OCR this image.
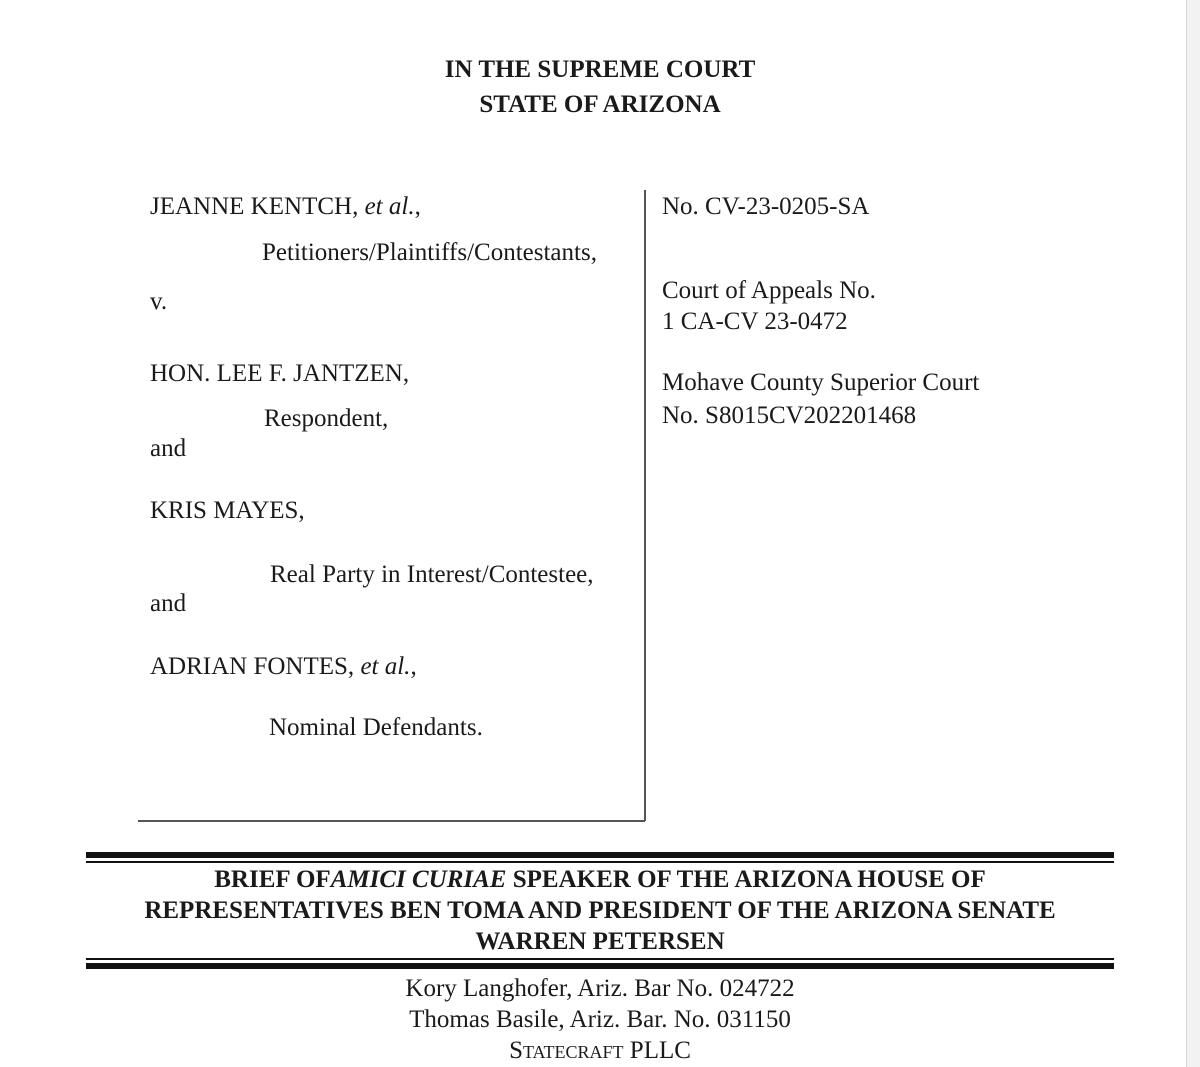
IN THE SUPREME COURT
STATE OF ARIZONA
JEANNE KENTCH, et al.,
Petitioners/Plaintiffs/Contestants,
v.
HON. LEE F. JANTZEN,
Respondent,
and
KRIS MAYES,
Real Party in Interest/Contestee,
and
ADRIAN FONTES, et al.,
Nominal Defendants.
No. CV-23-0205-SA
Court of Appeals No.
1 CA-CV 23-0472
Mohave County Superior Court
No. S8015CV202201468
BRIEF OFAMICI CURIAE SPEAKER OF THE ARIZONA HOUSE OF
REPRESENTATIVES BEN TOMA AND PRESIDENT OF THE ARIZONA SENATE
WARREN PETERSEN
Kory Langhofer, Ariz. Bar No. 024722
Thomas Basile, Ariz. Bar. No. 031150
Statecraft PLLC
